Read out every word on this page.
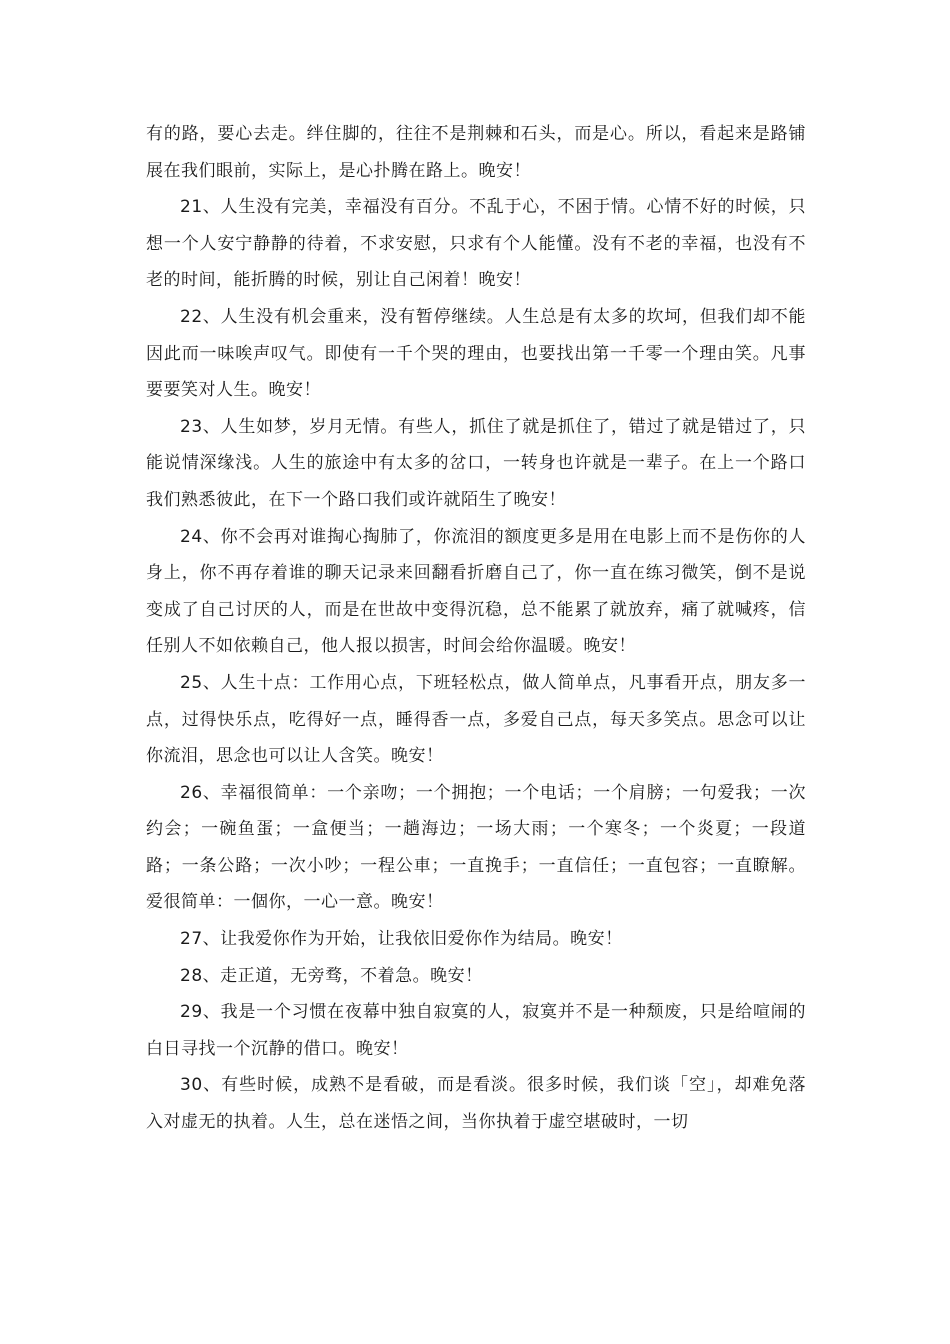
有的路，要心去走。绊住脚的，往往不是荆棘和石头，而是心。所以，看起来是路铺展在我们眼前，实际上，是心扑腾在路上。晚安！

21、人生没有完美，幸福没有百分。不乱于心，不困于情。心情不好的时候，只想一个人安宁静静的待着，不求安慰，只求有个人能懂。没有不老的幸福，也没有不老的时间，能折腾的时候，别让自己闲着！晚安！

22、人生没有机会重来，没有暂停继续。人生总是有太多的坎坷，但我们却不能因此而一味唉声叹气。即使有一千个哭的理由，也要找出第一千零一个理由笑。凡事要要笑对人生。晚安！

23、人生如梦，岁月无情。有些人，抓住了就是抓住了，错过了就是错过了，只能说情深缘浅。人生的旅途中有太多的岔口，一转身也许就是一辈子。在上一个路口我们熟悉彼此，在下一个路口我们或许就陌生了晚安！

24、你不会再对谁掏心掏肺了，你流泪的额度更多是用在电影上而不是伤你的人身上，你不再存着谁的聊天记录来回翻看折磨自己了，你一直在练习微笑，倒不是说变成了自己讨厌的人，而是在世故中变得沉稳，总不能累了就放弃，痛了就喊疼，信任别人不如依赖自己，他人报以损害，时间会给你温暖。晚安！

25、人生十点：工作用心点，下班轻松点，做人简单点，凡事看开点，朋友多一点，过得快乐点，吃得好一点，睡得香一点，多爱自己点，每天多笑点。思念可以让你流泪，思念也可以让人含笑。晚安！

26、幸福很简单：一个亲吻；一个拥抱；一个电话；一个肩膀；一句爱我；一次约会；一碗鱼蛋；一盒便当；一趟海边；一场大雨；一个寒冬；一个炎夏；一段道路；一条公路；一次小吵；一程公車；一直挽手；一直信任；一直包容；一直瞭解。爱很简单：一個你，一心一意。晚安！

27、让我爱你作为开始，让我依旧爱你作为结局。晚安！

28、走正道，无旁骛，不着急。晚安！

29、我是一个习惯在夜幕中独自寂寞的人，寂寞并不是一种颓废，只是给喧闹的白日寻找一个沉静的借口。晚安！

30、有些时候，成熟不是看破，而是看淡。很多时候，我们谈「空」，却难免落入对虚无的执着。人生，总在迷悟之间，当你执着于虚空堪破时，一切
